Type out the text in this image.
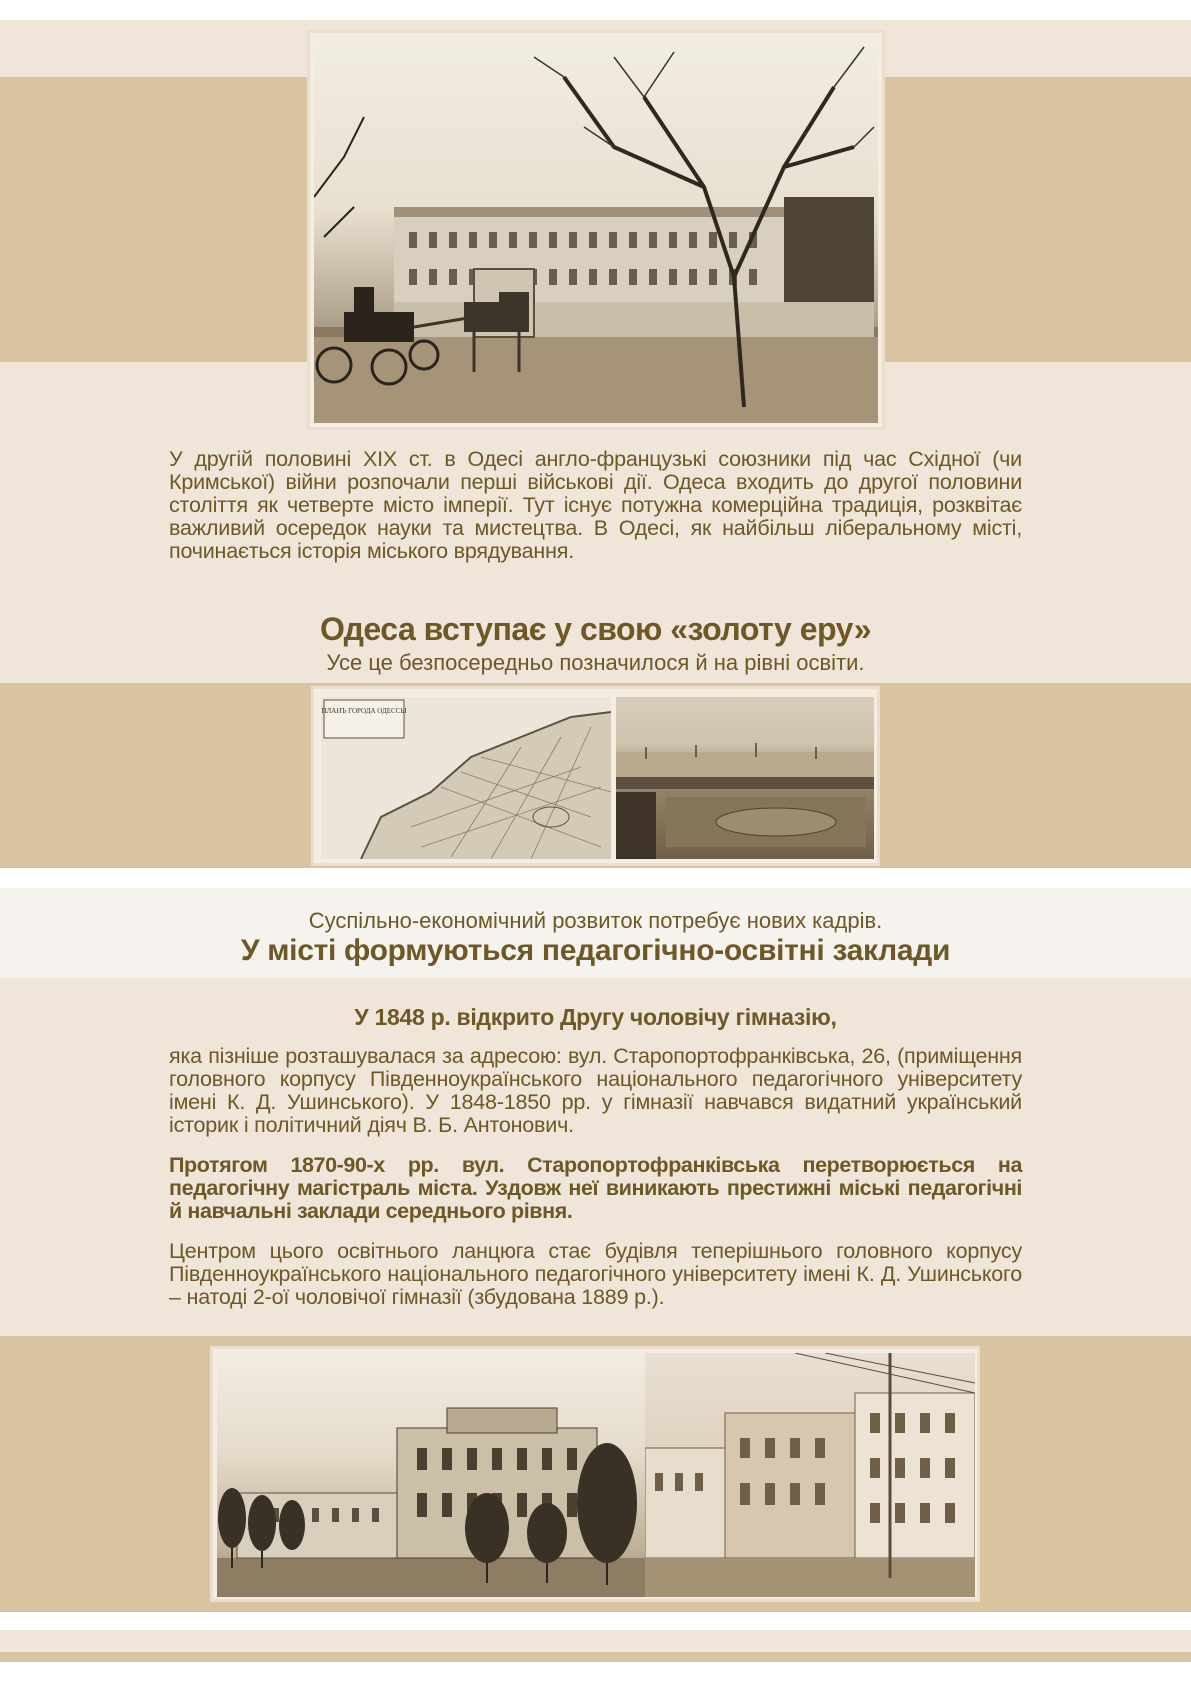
У другій половині XIX ст. в Одесі англо-французькі союзники під час Східної (чи Кримської) війни розпочали перші військові дії. Одеса входить до другої половини століття як четверте місто імперії. Тут існує потужна комерційна традиція, розквітає важливий осередок науки та мистецтва. В Одесі, як найбільш ліберальному місті, починається історія міського врядування.
Одеса вступає у свою «золоту еру»
Усе це безпосередньо позначилося й на рівні освіти.
ПЛАНЪ ГОРОДА ОДЕССЫ
Суспільно-економічний розвиток потребує нових кадрів.
У місті формуються педагогічно-освітні заклади
У 1848 р. відкрито Другу чоловічу гімназію,
яка пізніше розташувалася за адресою: вул. Старопортофранківська, 26, (приміщення головного корпусу Південноукраїнського національного педагогічного університету імені К. Д. Ушинського). У 1848-1850 рр. у гімназії навчався видатний український історик і політичний діяч В. Б. Антонович.
Протягом 1870-90-х рр. вул. Старопортофранківська перетворюється на педагогічну магістраль міста. Уздовж неї виникають престижні міські педагогічні й навчальні заклади середнього рівня.
Центром цього освітнього ланцюга стає будівля теперішнього головного корпусу Південноукраїнського національного педагогічного університету імені К. Д. Ушинського – натоді 2-ої чоловічої гімназії (збудована 1889 р.).
